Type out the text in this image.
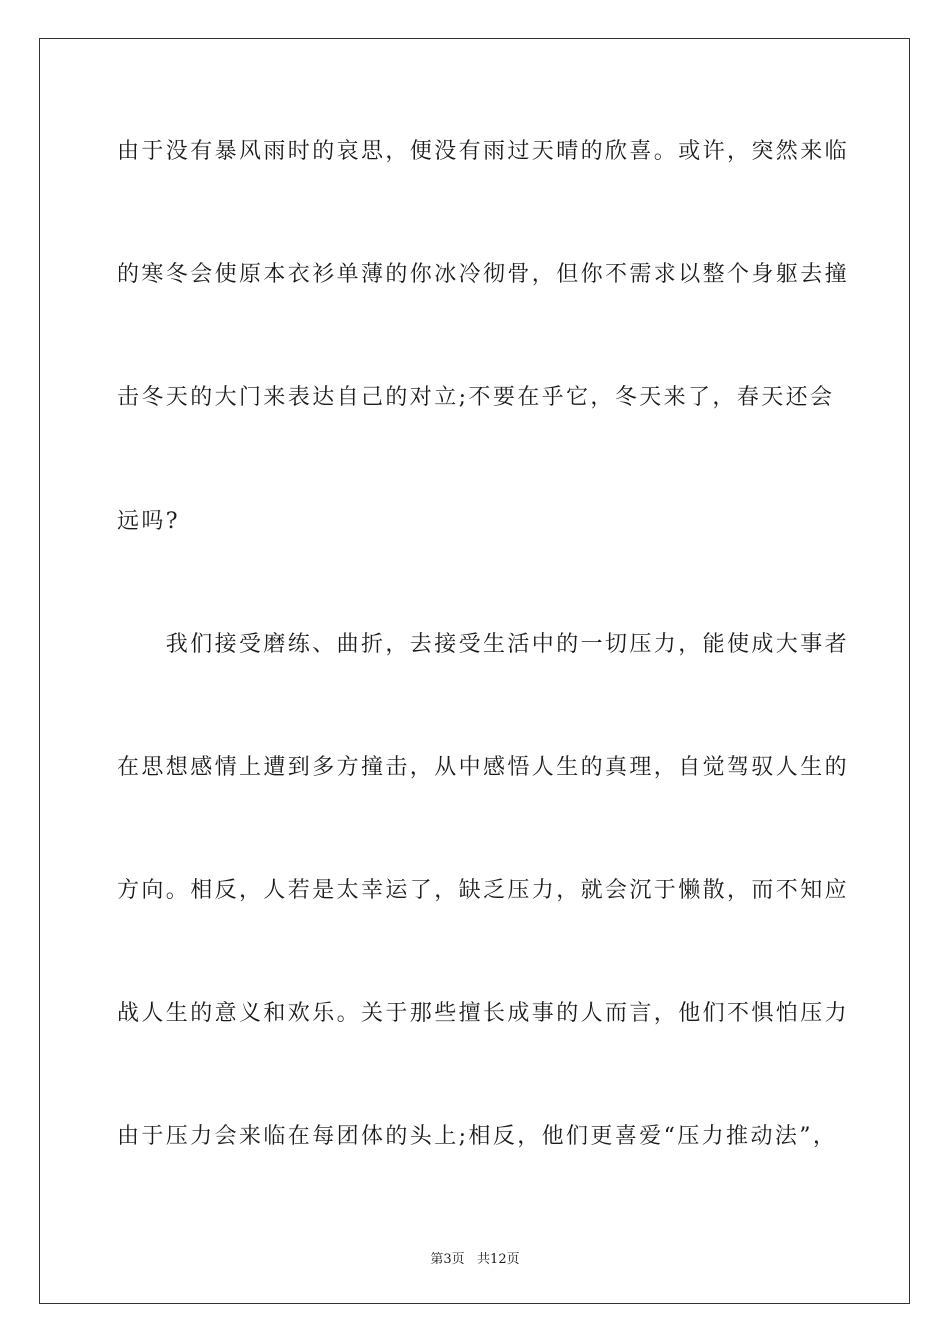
由于没有暴风雨时的哀思，便没有雨过天晴的欣喜。或许，突然来临
的寒冬会使原本衣衫单薄的你冰冷彻骨，但你不需求以整个身躯去撞
击冬天的大门来表达自己的对立;不要在乎它，冬天来了，春天还会
远吗?
　　我们接受磨练、曲折，去接受生活中的一切压力，能使成大事者
在思想感情上遭到多方撞击，从中感悟人生的真理，自觉驾驭人生的
方向。相反，人若是太幸运了，缺乏压力，就会沉于懒散，而不知应
战人生的意义和欢乐。关于那些擅长成事的人而言，他们不惧怕压力
由于压力会来临在每团体的头上;相反，他们更喜爱“压力推动法”，
第3页   共12页
